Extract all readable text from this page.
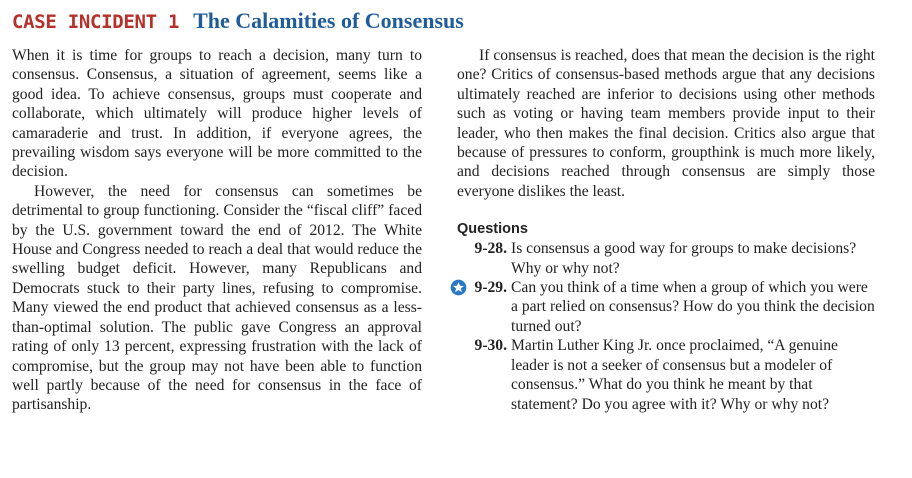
CASE INCIDENT 1 The Calamities of Consensus

When it is time for groups to reach a decision, many turn to consensus. Consensus, a situation of agreement, seems like a good idea. To achieve consensus, groups must cooperate and collaborate, which ultimately will produce higher levels of camaraderie and trust. In addition, if everyone agrees, the prevailing wisdom says everyone will be more committed to the decision.

However, the need for consensus can sometimes be detrimental to group functioning. Consider the “fiscal cliff” faced by the U.S. government toward the end of 2012. The White House and Congress needed to reach a deal that would reduce the swelling budget deficit. However, many Republicans and Democrats stuck to their party lines, refusing to compromise. Many viewed the end product that achieved consensus as a less-than-optimal solution. The public gave Congress an approval rating of only 13 percent, expressing frustration with the lack of compromise, but the group may not have been able to function well partly because of the need for consensus in the face of partisanship.

If consensus is reached, does that mean the decision is the right one? Critics of consensus-based methods argue that any decisions ultimately reached are inferior to decisions using other methods such as voting or having team members provide input to their leader, who then makes the final decision. Critics also argue that because of pressures to conform, groupthink is much more likely, and decisions reached through consensus are simply those everyone dislikes the least.

Questions
9-28. Is consensus a good way for groups to make decisions? Why or why not?
9-29. Can you think of a time when a group of which you were a part relied on consensus? How do you think the decision turned out?
9-30. Martin Luther King Jr. once proclaimed, “A genuine leader is not a seeker of consensus but a modeler of consensus.” What do you think he meant by that statement? Do you agree with it? Why or why not?
